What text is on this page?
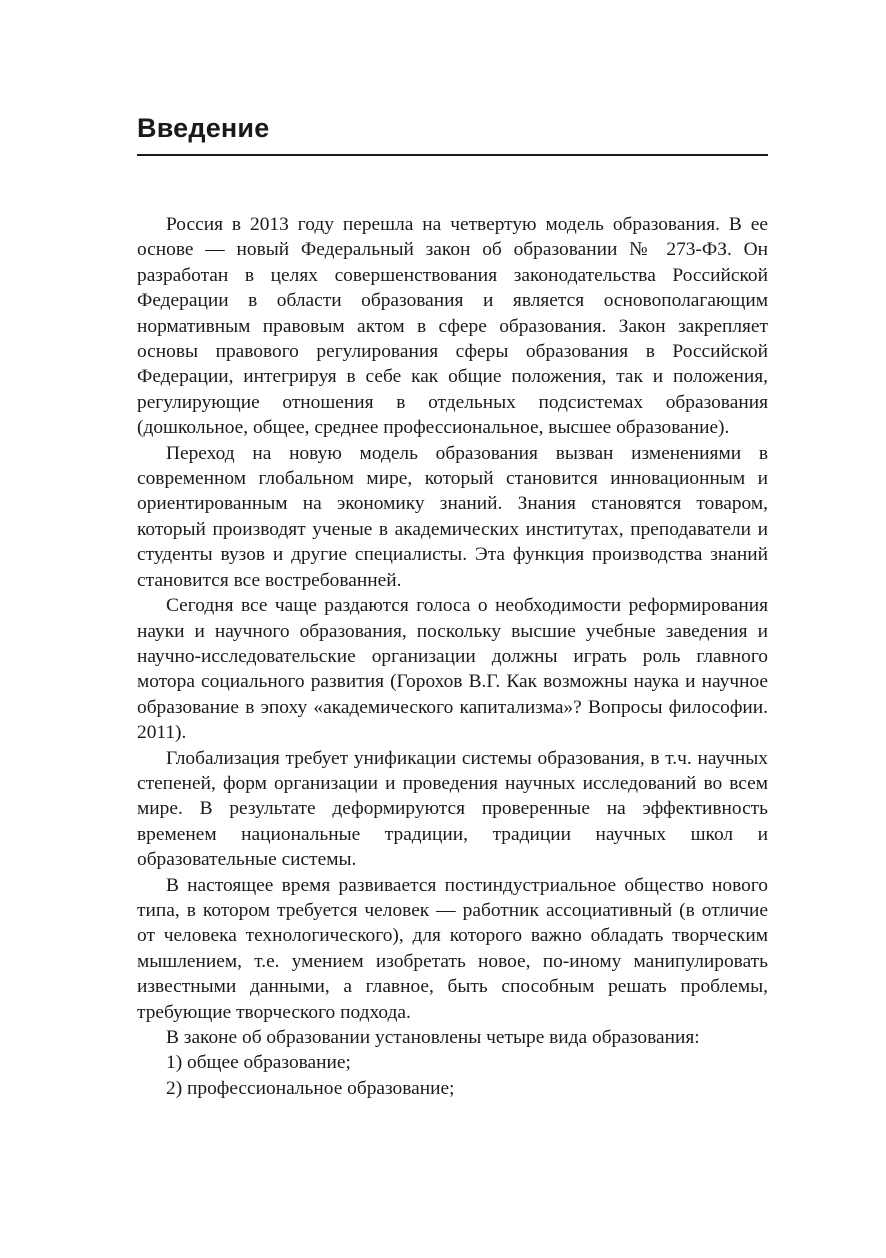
Введение

Россия в 2013 году перешла на четвертую модель образования. В ее основе — новый Федеральный закон об образовании № 273-ФЗ. Он разработан в целях совершенствования законодательства Российской Федерации в области образования и является основополагающим нормативным правовым актом в сфере образования. Закон закрепляет основы правового регулирования сферы образования в Российской Федерации, интегрируя в себе как общие положения, так и положения, регулирующие отношения в отдельных подсистемах образования (дошкольное, общее, среднее профессиональное, высшее образование).

Переход на новую модель образования вызван изменениями в современном глобальном мире, который становится инновационным и ориентированным на экономику знаний. Знания становятся товаром, который производят ученые в академических институтах, преподаватели и студенты вузов и другие специалисты. Эта функция производства знаний становится все востребованней.

Сегодня все чаще раздаются голоса о необходимости реформирования науки и научного образования, поскольку высшие учебные заведения и научно-исследовательские организации должны играть роль главного мотора социального развития (Горохов В.Г. Как возможны наука и научное образование в эпоху «академического капитализма»? Вопросы философии. 2011).

Глобализация требует унификации системы образования, в т.ч. научных степеней, форм организации и проведения научных исследований во всем мире. В результате деформируются проверенные на эффективность временем национальные традиции, традиции научных школ и образовательные системы.

В настоящее время развивается постиндустриальное общество нового типа, в котором требуется человек — работник ассоциативный (в отличие от человека технологического), для которого важно обладать творческим мышлением, т.е. умением изобретать новое, по-иному манипулировать известными данными, а главное, быть способным решать проблемы, требующие творческого подхода.

В законе об образовании установлены четыре вида образования:

1) общее образование;

2) профессиональное образование;
